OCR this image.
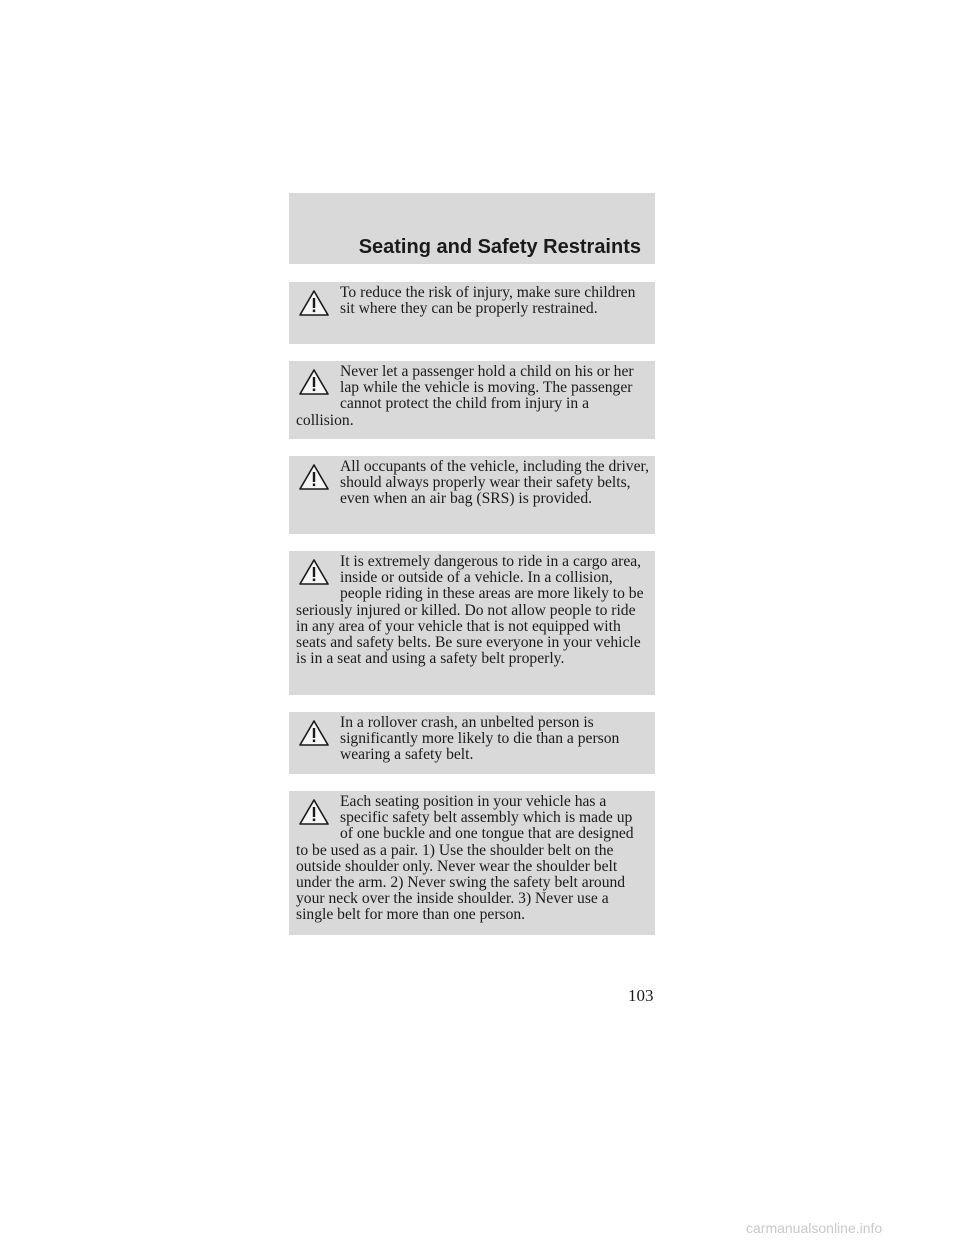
Seating and Safety Restraints

To reduce the risk of injury, make sure children sit where they can be properly restrained.

Never let a passenger hold a child on his or her lap while the vehicle is moving. The passenger cannot protect the child from injury in a collision.

All occupants of the vehicle, including the driver, should always properly wear their safety belts, even when an air bag (SRS) is provided.

It is extremely dangerous to ride in a cargo area, inside or outside of a vehicle. In a collision, people riding in these areas are more likely to be seriously injured or killed. Do not allow people to ride in any area of your vehicle that is not equipped with seats and safety belts. Be sure everyone in your vehicle is in a seat and using a safety belt properly.

In a rollover crash, an unbelted person is significantly more likely to die than a person wearing a safety belt.

Each seating position in your vehicle has a specific safety belt assembly which is made up of one buckle and one tongue that are designed to be used as a pair. 1) Use the shoulder belt on the outside shoulder only. Never wear the shoulder belt under the arm. 2) Never swing the safety belt around your neck over the inside shoulder. 3) Never use a single belt for more than one person.

103
carmanualsonline.info
